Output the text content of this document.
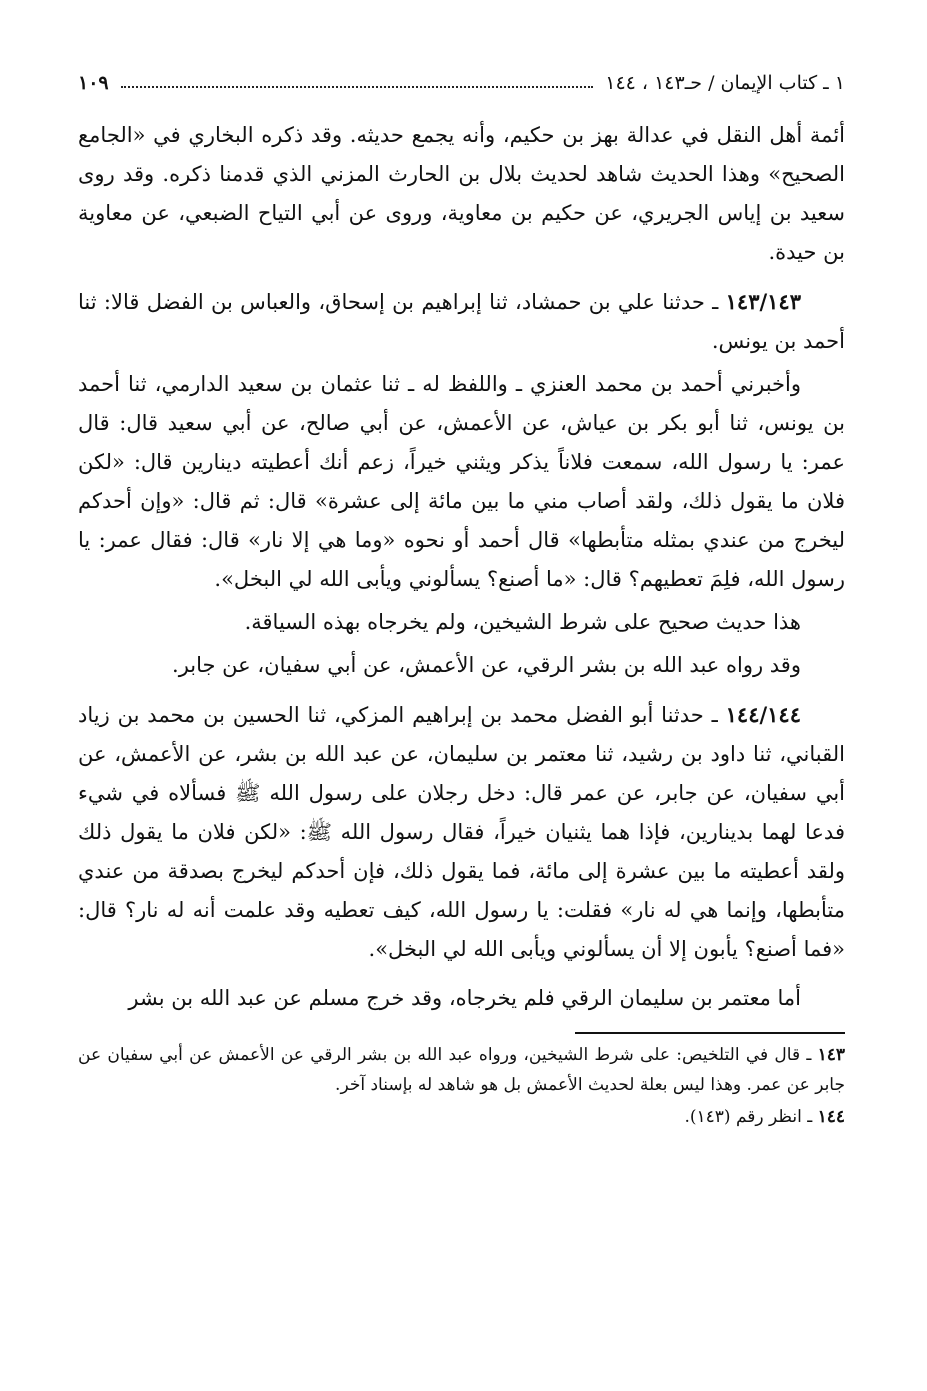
١ ـ كتاب الإيمان / حـ١٤٣ ، ١٤٤
١٠٩

أئمة أهل النقل في عدالة بهز بن حكيم، وأنه يجمع حديثه. وقد ذكره البخاري في «الجامع الصحيح» وهذا الحديث شاهد لحديث بلال بن الحارث المزني الذي قدمنا ذكره. وقد روى سعيد بن إياس الجريري، عن حكيم بن معاوية، وروى عن أبي التياح الضبعي، عن معاوية بن حيدة.

١٤٣/١٤٣ ـ حدثنا علي بن حمشاد، ثنا إبراهيم بن إسحاق، والعباس بن الفضل قالا: ثنا أحمد بن يونس.

وأخبرني أحمد بن محمد العنزي ـ واللفظ له ـ ثنا عثمان بن سعيد الدارمي، ثنا أحمد بن يونس، ثنا أبو بكر بن عياش، عن الأعمش، عن أبي صالح، عن أبي سعيد قال: قال عمر: يا رسول الله، سمعت فلاناً يذكر ويثني خيراً، زعم أنك أعطيته دينارين قال: «لكن فلان ما يقول ذلك، ولقد أصاب مني ما بين مائة إلى عشرة» قال: ثم قال: «وإن أحدكم ليخرج من عندي بمثله متأبطها» قال أحمد أو نحوه «وما هي إلا نار» قال: فقال عمر: يا رسول الله، فلِمَ تعطيهم؟ قال: «ما أصنع؟ يسألوني ويأبى الله لي البخل».

هذا حديث صحيح على شرط الشيخين، ولم يخرجاه بهذه السياقة.

وقد رواه عبد الله بن بشر الرقي، عن الأعمش، عن أبي سفيان، عن جابر.

١٤٤/١٤٤ ـ حدثنا أبو الفضل محمد بن إبراهيم المزكي، ثنا الحسين بن محمد بن زياد القباني، ثنا داود بن رشيد، ثنا معتمر بن سليمان، عن عبد الله بن بشر، عن الأعمش، عن أبي سفيان، عن جابر، عن عمر قال: دخل رجلان على رسول الله ﷺ فسألاه في شيء فدعا لهما بدينارين، فإذا هما يثنيان خيراً، فقال رسول الله ﷺ: «لكن فلان ما يقول ذلك ولقد أعطيته ما بين عشرة إلى مائة، فما يقول ذلك، فإن أحدكم ليخرج بصدقة من عندي متأبطها، وإنما هي له نار» فقلت: يا رسول الله، كيف تعطيه وقد علمت أنه له نار؟ قال: «فما أصنع؟ يأبون إلا أن يسألوني ويأبى الله لي البخل».

أما معتمر بن سليمان الرقي فلم يخرجاه، وقد خرج مسلم عن عبد الله بن بشر

١٤٣ ـ قال في التلخيص: على شرط الشيخين، ورواه عبد الله بن بشر الرقي عن الأعمش عن أبي سفيان عن جابر عن عمر. وهذا ليس بعلة لحديث الأعمش بل هو شاهد له بإسناد آخر.

١٤٤ ـ انظر رقم (١٤٣).
